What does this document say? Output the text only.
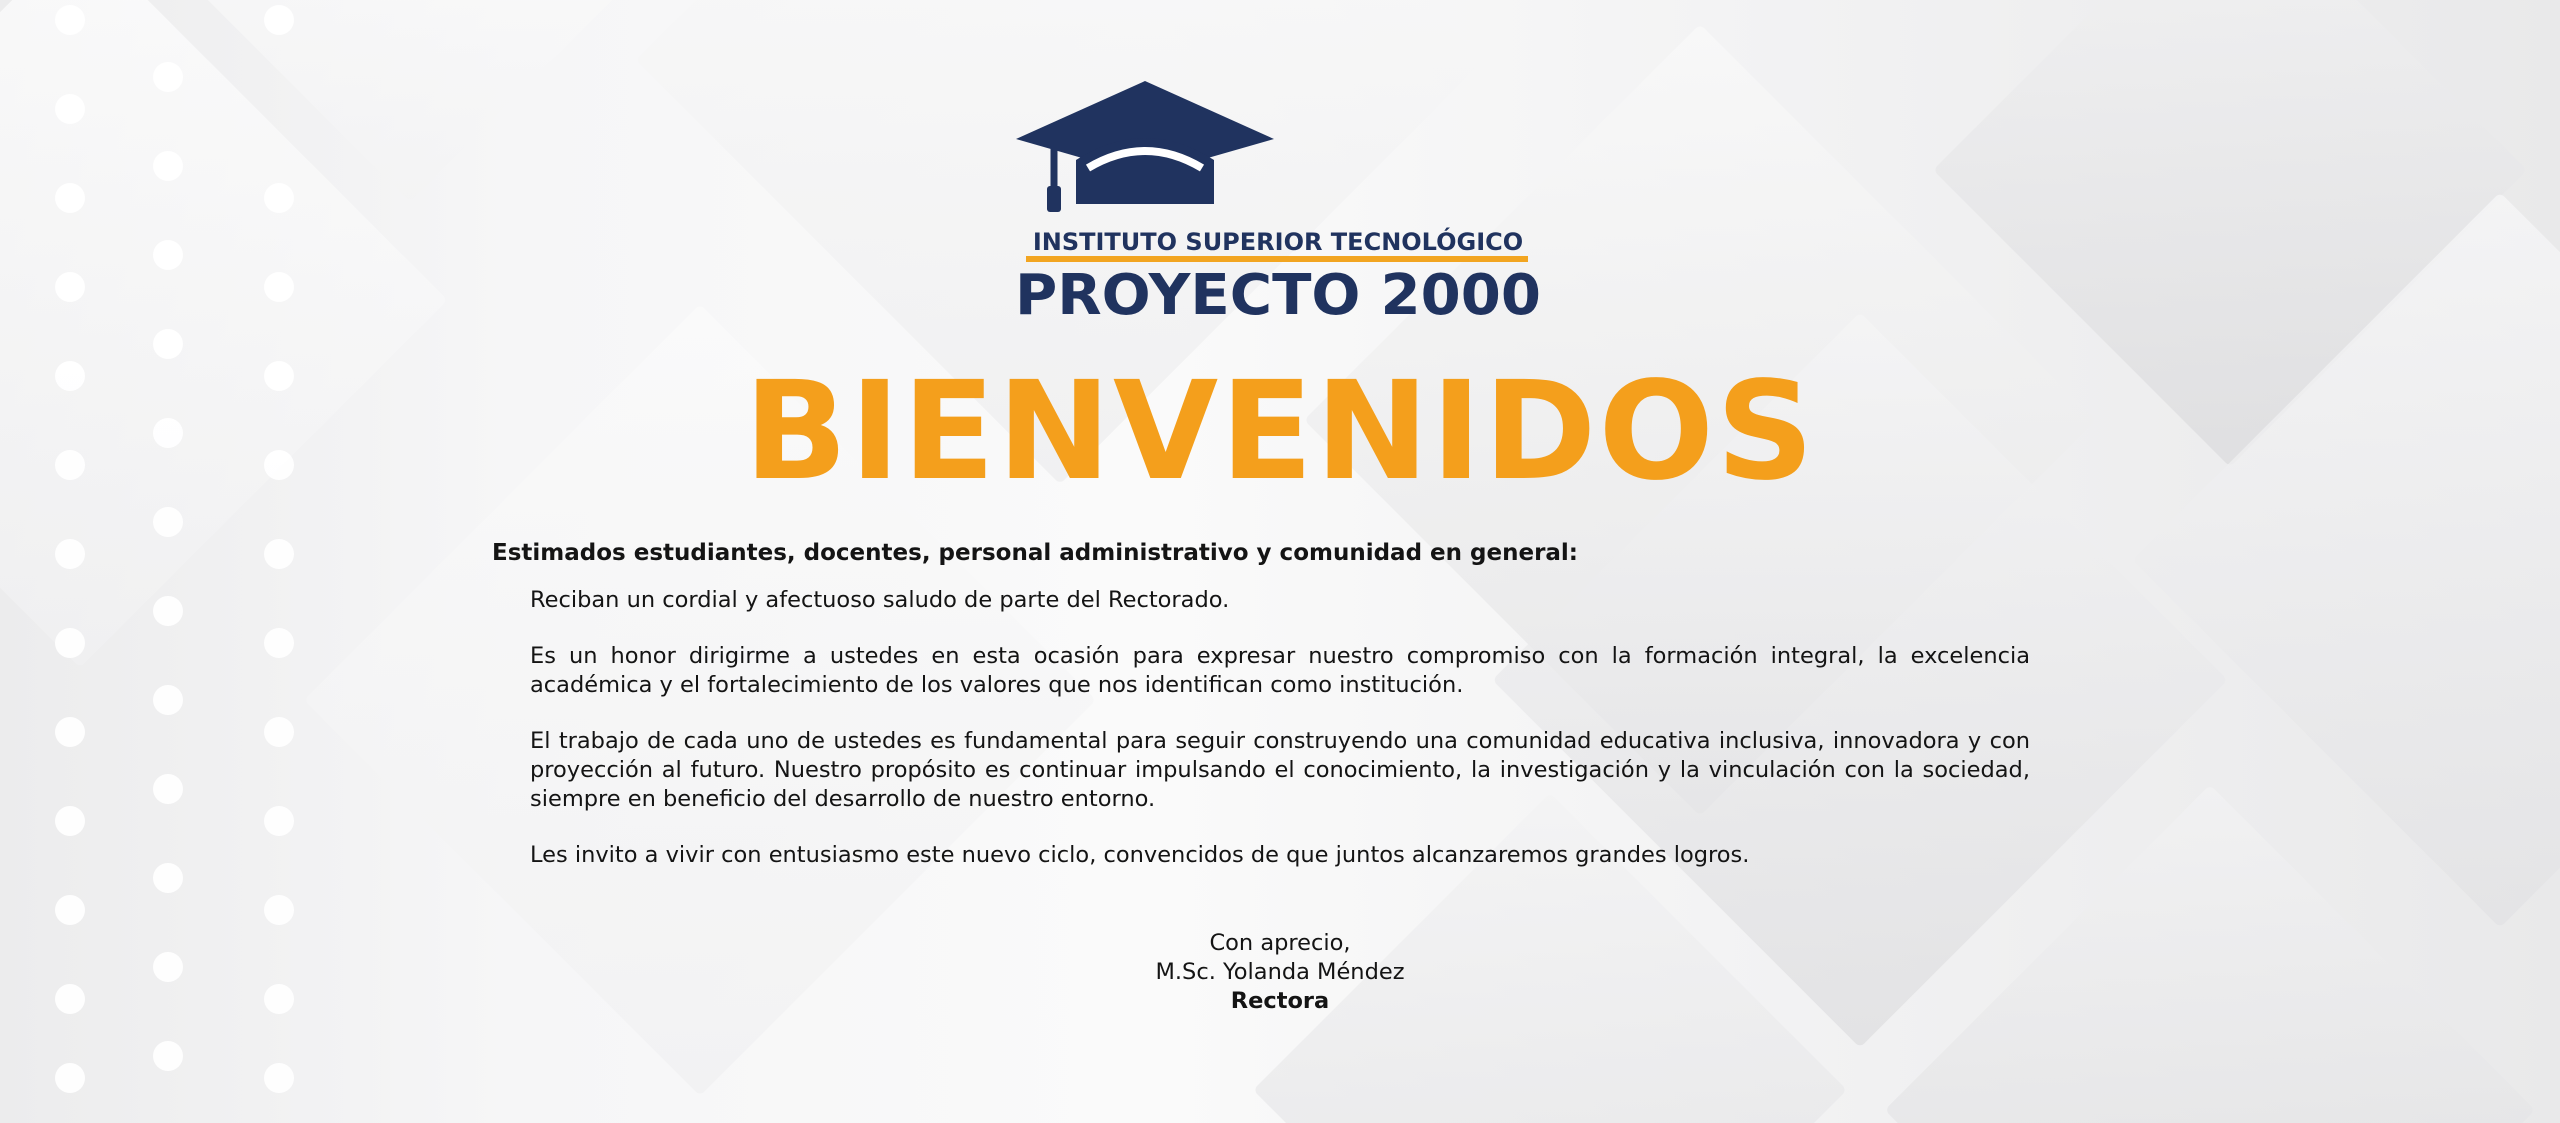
INSTITUTO SUPERIOR TECNOLÓGICO
PROYECTO 2000
BIENVENIDOS
Estimados estudiantes, docentes, personal administrativo y comunidad en general:

Reciban un cordial y afectuoso saludo de parte del Rectorado.

Es un honor dirigirme a ustedes en esta ocasión para expresar nuestro compromiso con la formación integral, la excelencia académica y el fortalecimiento de los valores que nos identifican como institución.

El trabajo de cada uno de ustedes es fundamental para seguir construyendo una comunidad educativa inclusiva, innovadora y con proyección al futuro. Nuestro propósito es continuar impulsando el conocimiento, la investigación y la vinculación con la sociedad, siempre en beneficio del desarrollo de nuestro entorno.

Les invito a vivir con entusiasmo este nuevo ciclo, convencidos de que juntos alcanzaremos grandes logros.

Con aprecio,
M.Sc. Yolanda Méndez
Rectora
